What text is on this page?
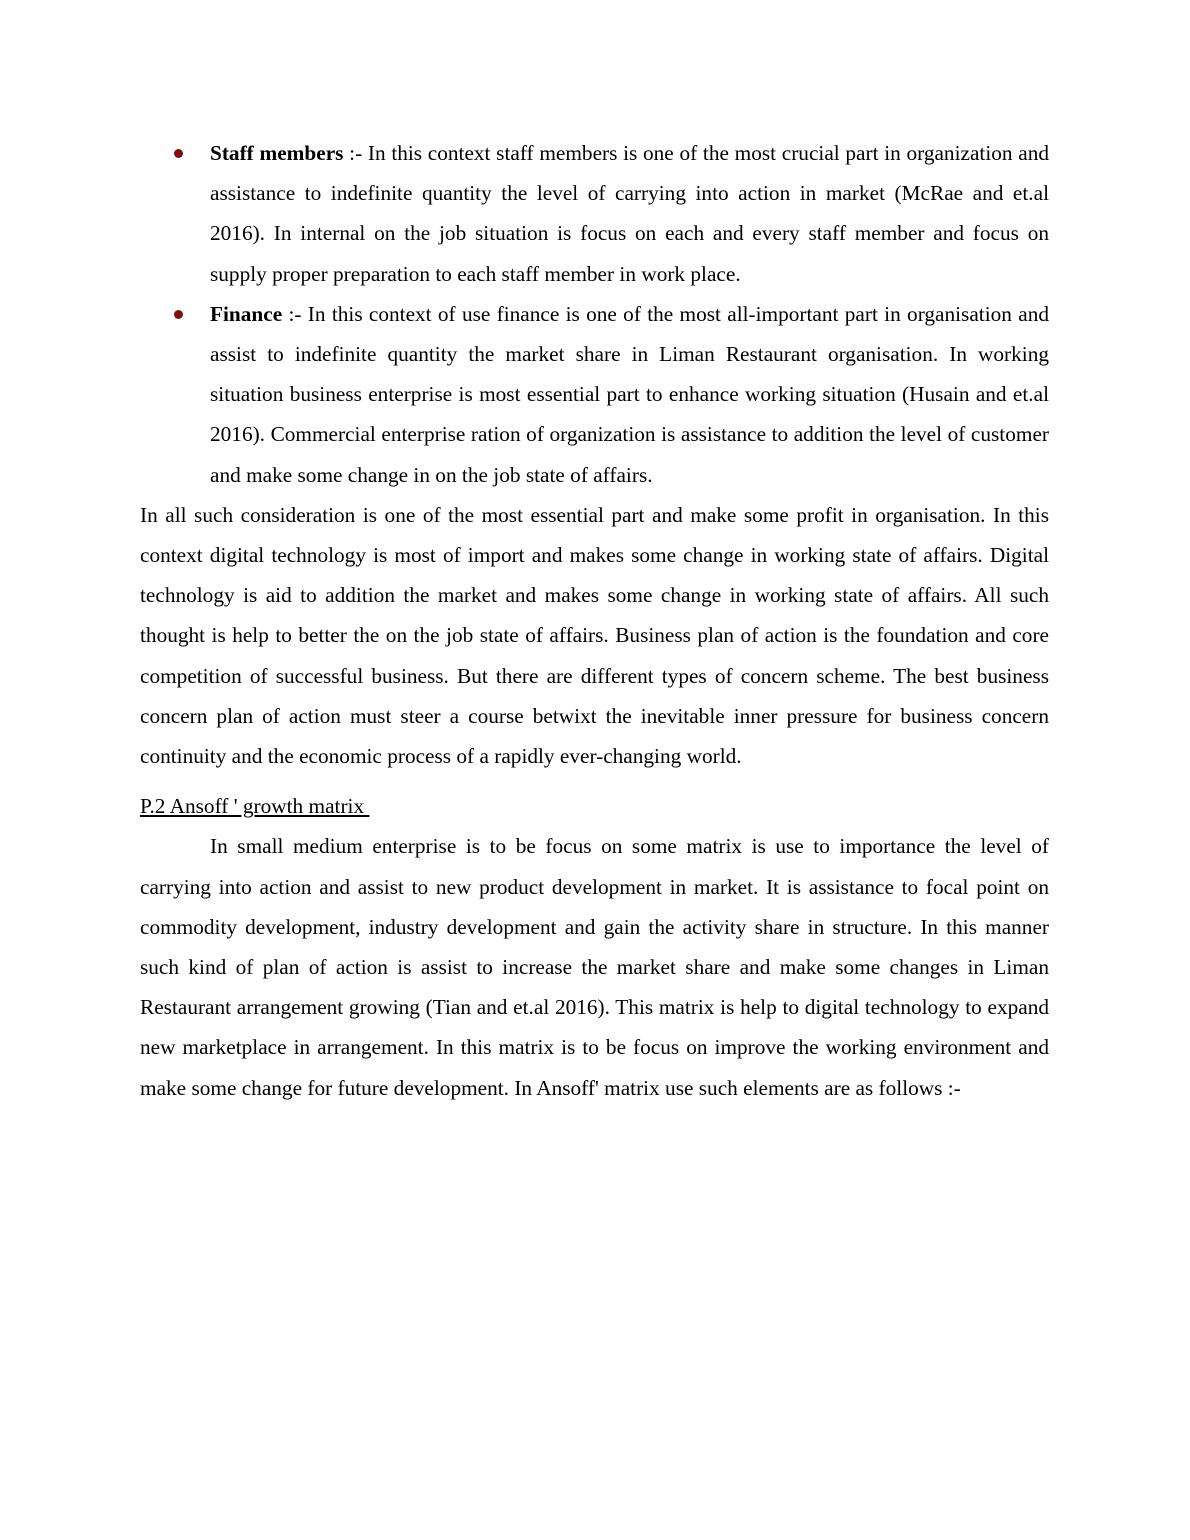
Staff members :- In this context staff members is one of the most crucial part in organization and assistance to indefinite quantity the level of carrying into action in market (McRae and et.al 2016). In internal on the job situation is focus on each and every staff member and focus on supply proper preparation to each staff member in work place.
Finance :- In this context of use finance is one of the most all-important part in organisation and assist to indefinite quantity the market share in Liman Restaurant organisation. In working situation business enterprise is most essential part to enhance working situation (Husain and et.al 2016). Commercial enterprise ration of organization is assistance to addition the level of customer and make some change in on the job state of affairs.

In all such consideration is one of the most essential part and make some profit in organisation. In this context digital technology is most of import and makes some change in working state of affairs. Digital technology is aid to addition the market and makes some change in working state of affairs. All such thought is help to better the on the job state of affairs. Business plan of action is the foundation and core competition of successful business. But there are different types of concern scheme. The best business concern plan of action must steer a course betwixt the inevitable inner pressure for business concern continuity and the economic process of a rapidly ever-changing world.

P.2 Ansoff ' growth matrix

In small medium enterprise is to be focus on some matrix is use to importance the level of carrying into action and assist to new product development in market. It is assistance to focal point on commodity development, industry development and gain the activity share in structure. In this manner such kind of plan of action is assist to increase the market share and make some changes in Liman Restaurant arrangement growing (Tian and et.al 2016). This matrix is help to digital technology to expand new marketplace in arrangement. In this matrix is to be focus on improve the working environment and make some change for future development. In Ansoff' matrix use such elements are as follows :-
